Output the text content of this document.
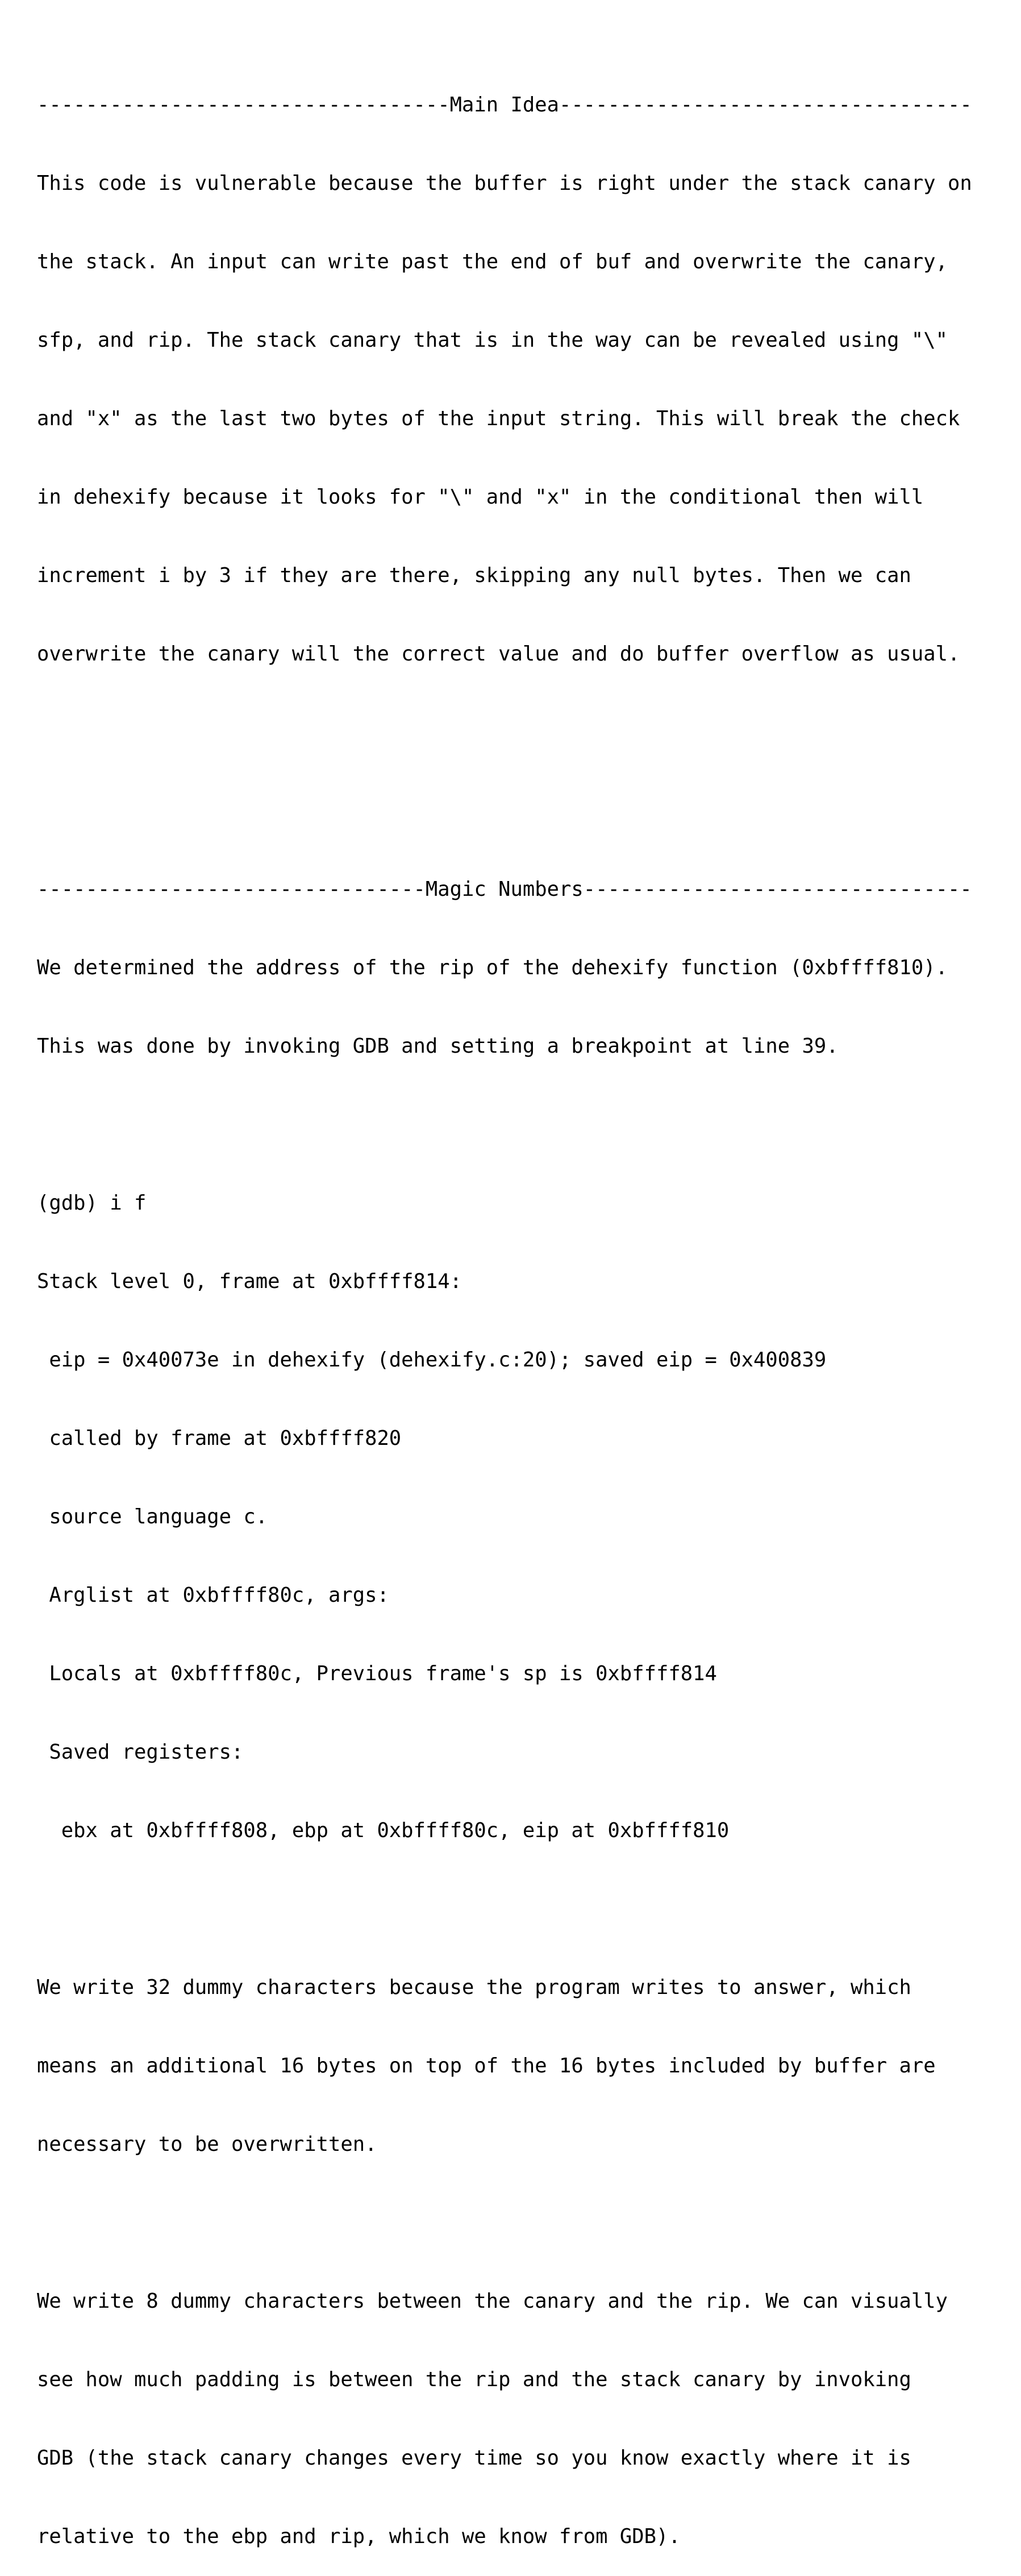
----------------------------------Main Idea----------------------------------

This code is vulnerable because the buffer is right under the stack canary on

the stack. An input can write past the end of buf and overwrite the canary,

sfp, and rip. The stack canary that is in the way can be revealed using "\"

and "x" as the last two bytes of the input string. This will break the check

in dehexify because it looks for "\" and "x" in the conditional then will

increment i by 3 if they are there, skipping any null bytes. Then we can

overwrite the canary will the correct value and do buffer overflow as usual.

--------------------------------Magic Numbers--------------------------------

We determined the address of the rip of the dehexify function (0xbffff810).

This was done by invoking GDB and setting a breakpoint at line 39.

(gdb) i f

Stack level 0, frame at 0xbffff814:

eip = 0x40073e in dehexify (dehexify.c:20); saved eip = 0x400839

called by frame at 0xbffff820

source language c.

Arglist at 0xbffff80c, args:

Locals at 0xbffff80c, Previous frame's sp is 0xbffff814

Saved registers:

ebx at 0xbffff808, ebp at 0xbffff80c, eip at 0xbffff810

We write 32 dummy characters because the program writes to answer, which

means an additional 16 bytes on top of the 16 bytes included by buffer are

necessary to be overwritten.

We write 8 dummy characters between the canary and the rip. We can visually

see how much padding is between the rip and the stack canary by invoking

GDB (the stack canary changes every time so you know exactly where it is

relative to the ebp and rip, which we know from GDB).
